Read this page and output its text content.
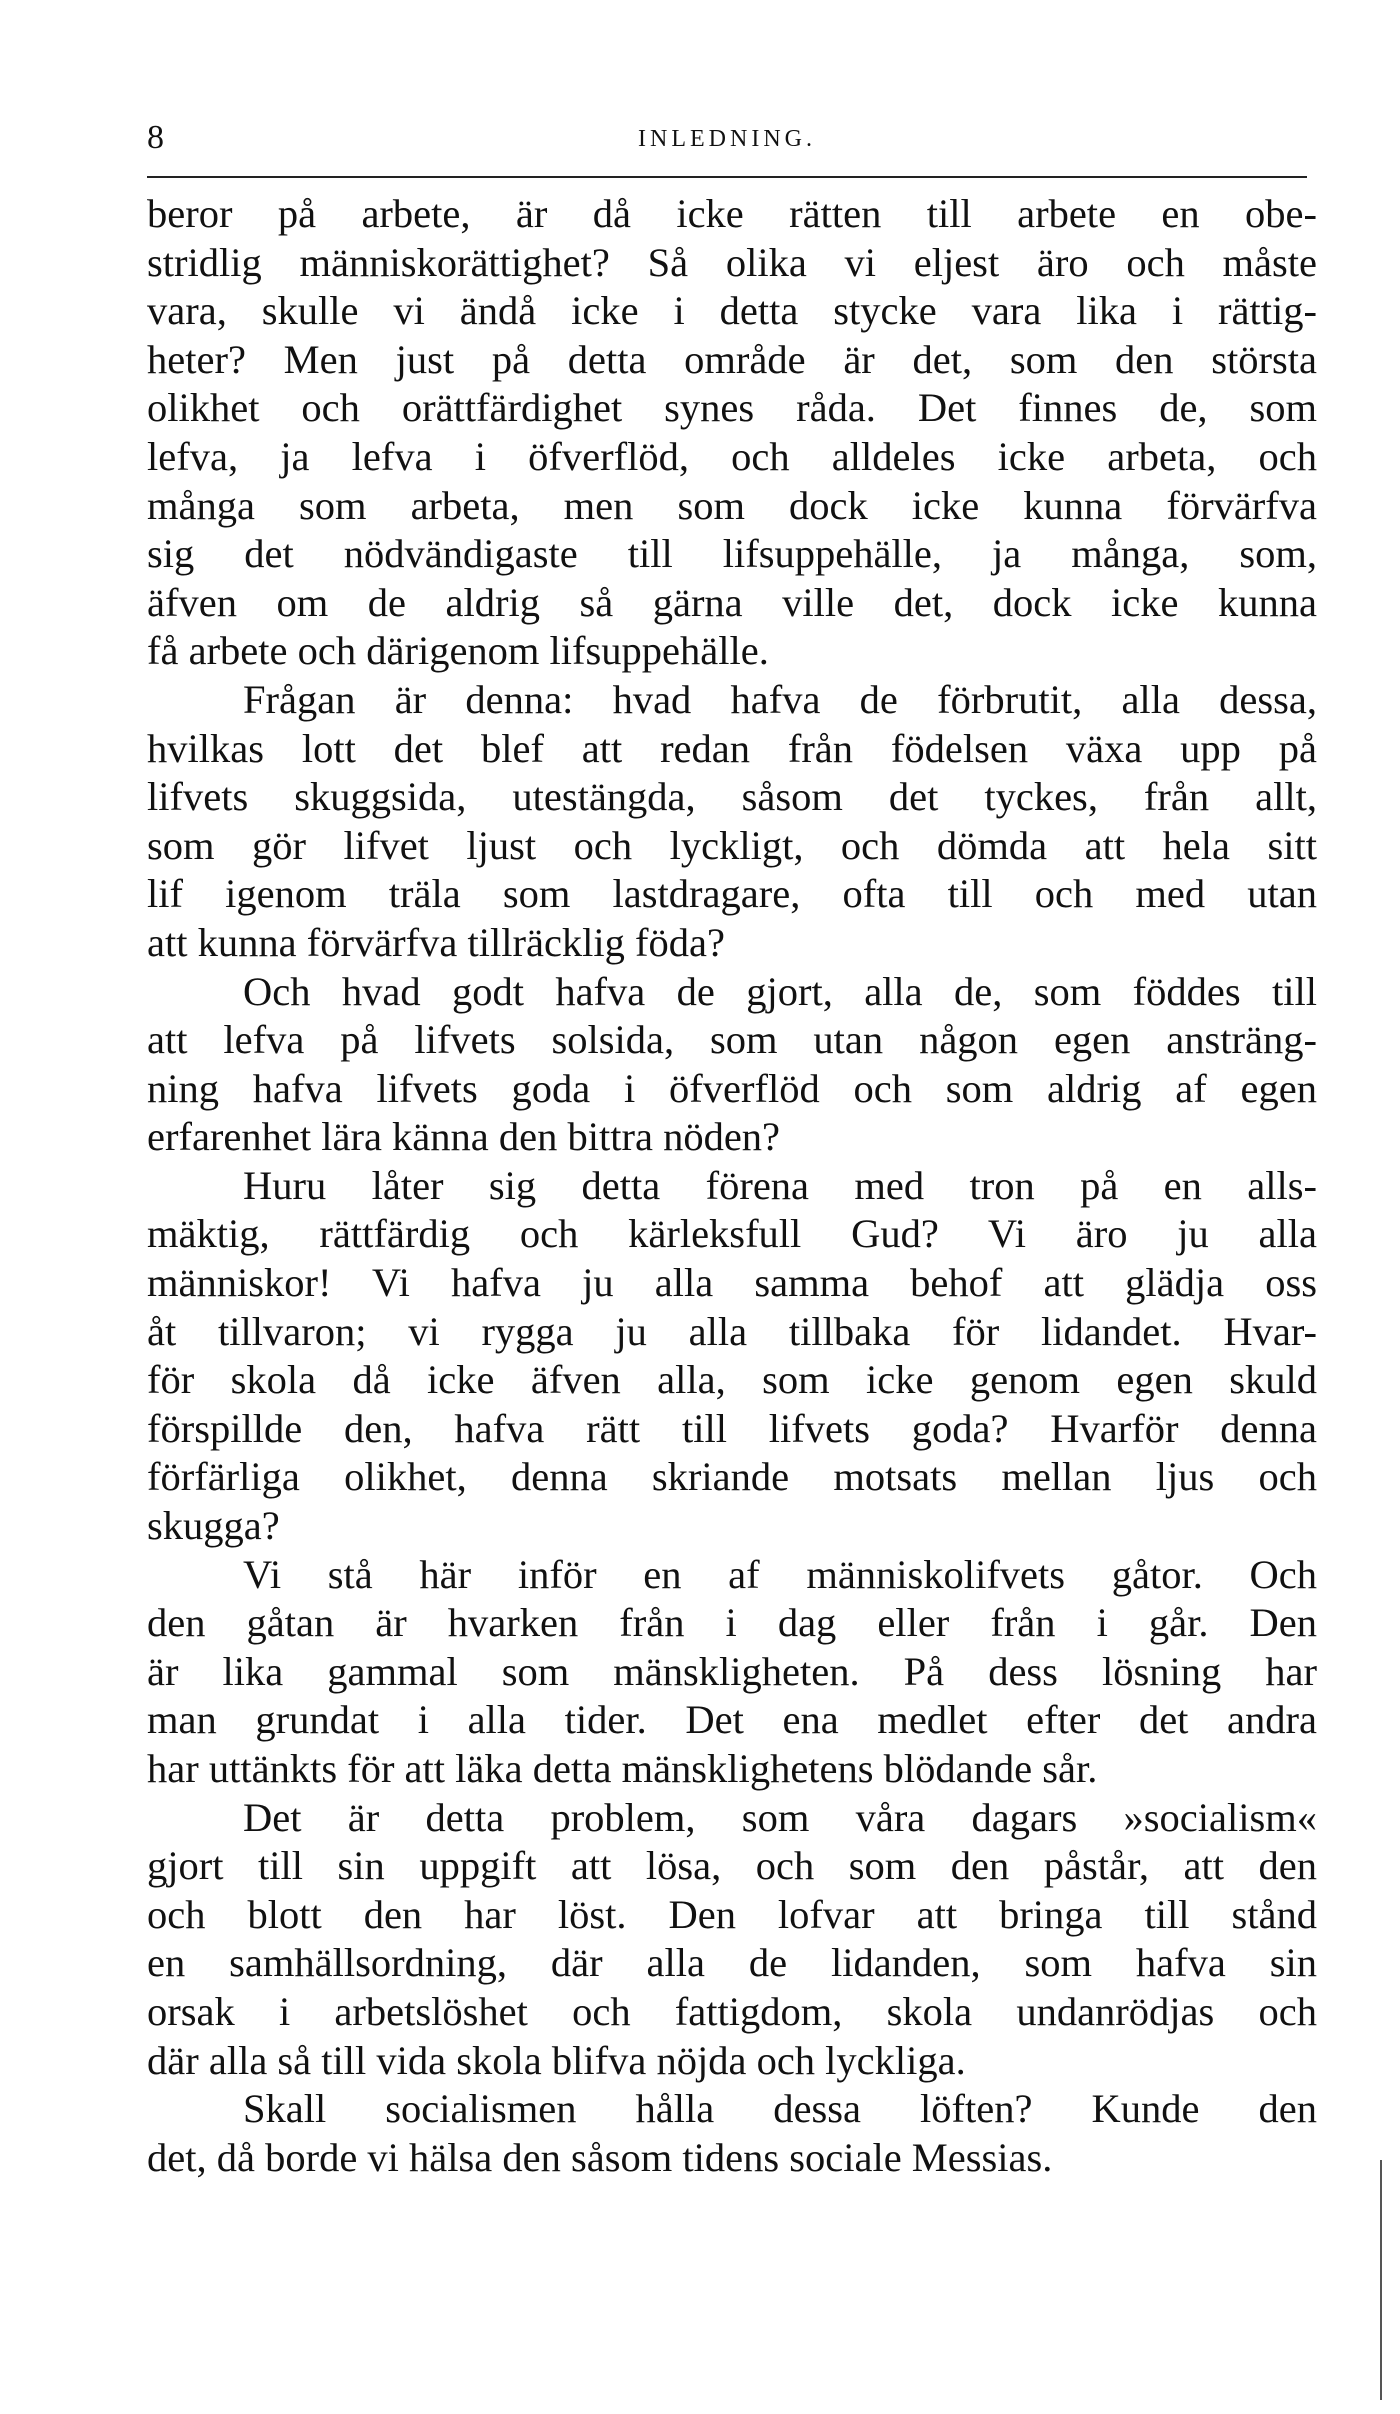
8	INLEDNING.
beror på arbete, är då icke rätten till arbete en obe-
stridlig människorättighet? Så olika vi eljest äro och måste
vara, skulle vi ändå icke i detta stycke vara lika i rättig-
heter? Men just på detta område är det, som den största
olikhet och orättfärdighet synes råda. Det finnes de, som
lefva, ja lefva i öfverflöd, och alldeles icke arbeta, och
många som arbeta, men som dock icke kunna förvärfva
sig det nödvändigaste till lifsuppehälle, ja många, som,
äfven om de aldrig så gärna ville det, dock icke kunna
få arbete och därigenom lifsuppehälle.
Frågan är denna: hvad hafva de förbrutit, alla dessa,
hvilkas lott det blef att redan från födelsen växa upp på
lifvets skuggsida, utestängda, såsom det tyckes, från allt,
som gör lifvet ljust och lyckligt, och dömda att hela sitt
lif igenom träla som lastdragare, ofta till och med utan
att kunna förvärfva tillräcklig föda?
Och hvad godt hafva de gjort, alla de, som föddes till
att lefva på lifvets solsida, som utan någon egen ansträng-
ning hafva lifvets goda i öfverflöd och som aldrig af egen
erfarenhet lära känna den bittra nöden?
Huru låter sig detta förena med tron på en alls-
mäktig, rättfärdig och kärleksfull Gud? Vi äro ju alla
människor! Vi hafva ju alla samma behof att glädja oss
åt tillvaron; vi rygga ju alla tillbaka för lidandet. Hvar-
för skola då icke äfven alla, som icke genom egen skuld
förspillde den, hafva rätt till lifvets goda? Hvarför denna
förfärliga olikhet, denna skriande motsats mellan ljus och
skugga?
Vi stå här inför en af människolifvets gåtor. Och
den gåtan är hvarken från i dag eller från i går. Den
är lika gammal som mänskligheten. På dess lösning har
man grundat i alla tider. Det ena medlet efter det andra
har uttänkts för att läka detta mänsklighetens blödande sår.
Det är detta problem, som våra dagars »socialism«
gjort till sin uppgift att lösa, och som den påstår, att den
och blott den har löst. Den lofvar att bringa till stånd
en samhällsordning, där alla de lidanden, som hafva sin
orsak i arbetslöshet och fattigdom, skola undanrödjas och
där alla så till vida skola blifva nöjda och lyckliga.
Skall socialismen hålla dessa löften? Kunde den
det, då borde vi hälsa den såsom tidens sociale Messias.
